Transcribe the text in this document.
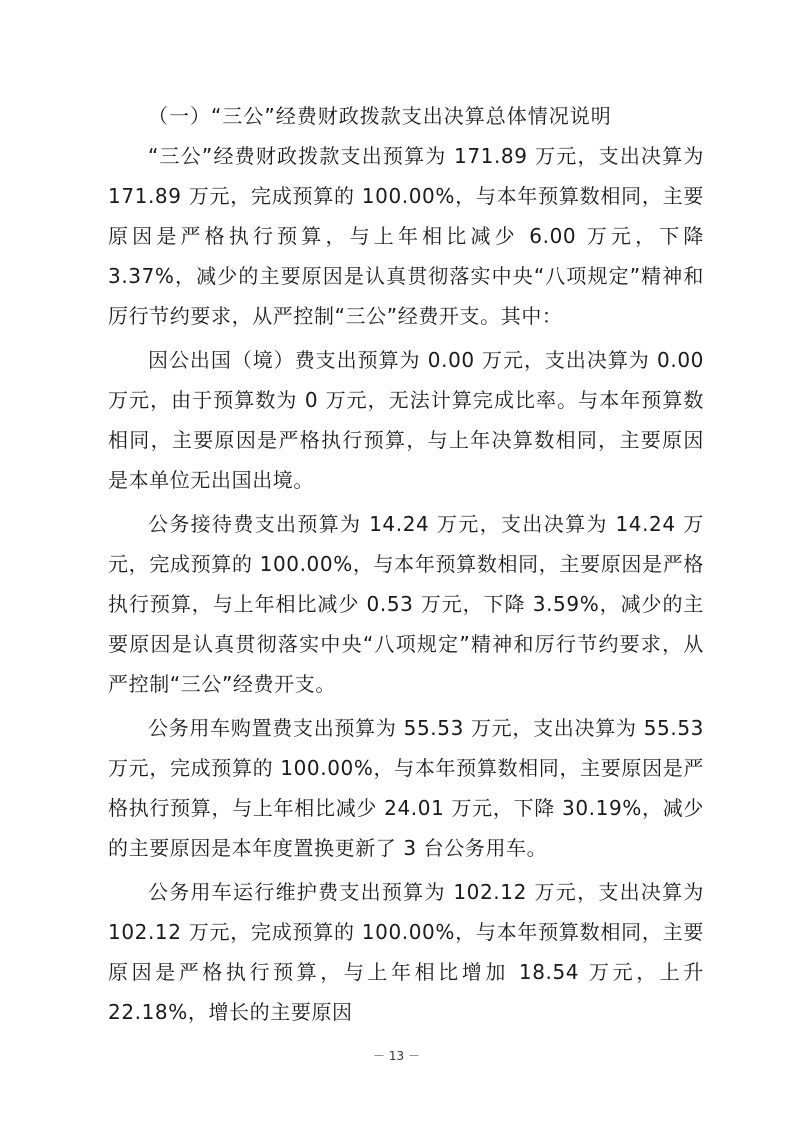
（一）“三公”经费财政拨款支出决算总体情况说明

“三公”经费财政拨款支出预算为 171.89 万元，支出决算为 171.89 万元，完成预算的 100.00%，与本年预算数相同，主要原因是严格执行预算，与上年相比减少 6.00 万元，下降 3.37%，减少的主要原因是认真贯彻落实中央“八项规定”精神和厉行节约要求，从严控制“三公”经费开支。其中：

因公出国（境）费支出预算为 0.00 万元，支出决算为 0.00 万元，由于预算数为 0 万元，无法计算完成比率。与本年预算数相同，主要原因是严格执行预算，与上年决算数相同，主要原因是本单位无出国出境。

公务接待费支出预算为 14.24 万元，支出决算为 14.24 万元，完成预算的 100.00%，与本年预算数相同，主要原因是严格执行预算，与上年相比减少 0.53 万元，下降 3.59%，减少的主要原因是认真贯彻落实中央“八项规定”精神和厉行节约要求，从严控制“三公”经费开支。

公务用车购置费支出预算为 55.53 万元，支出决算为 55.53 万元，完成预算的 100.00%，与本年预算数相同，主要原因是严格执行预算，与上年相比减少 24.01 万元，下降 30.19%，减少的主要原因是本年度置换更新了 3 台公务用车。

公务用车运行维护费支出预算为 102.12 万元，支出决算为 102.12 万元，完成预算的 100.00%，与本年预算数相同，主要原因是严格执行预算，与上年相比增加 18.54 万元，上升 22.18%，增长的主要原因

－ 13 －
